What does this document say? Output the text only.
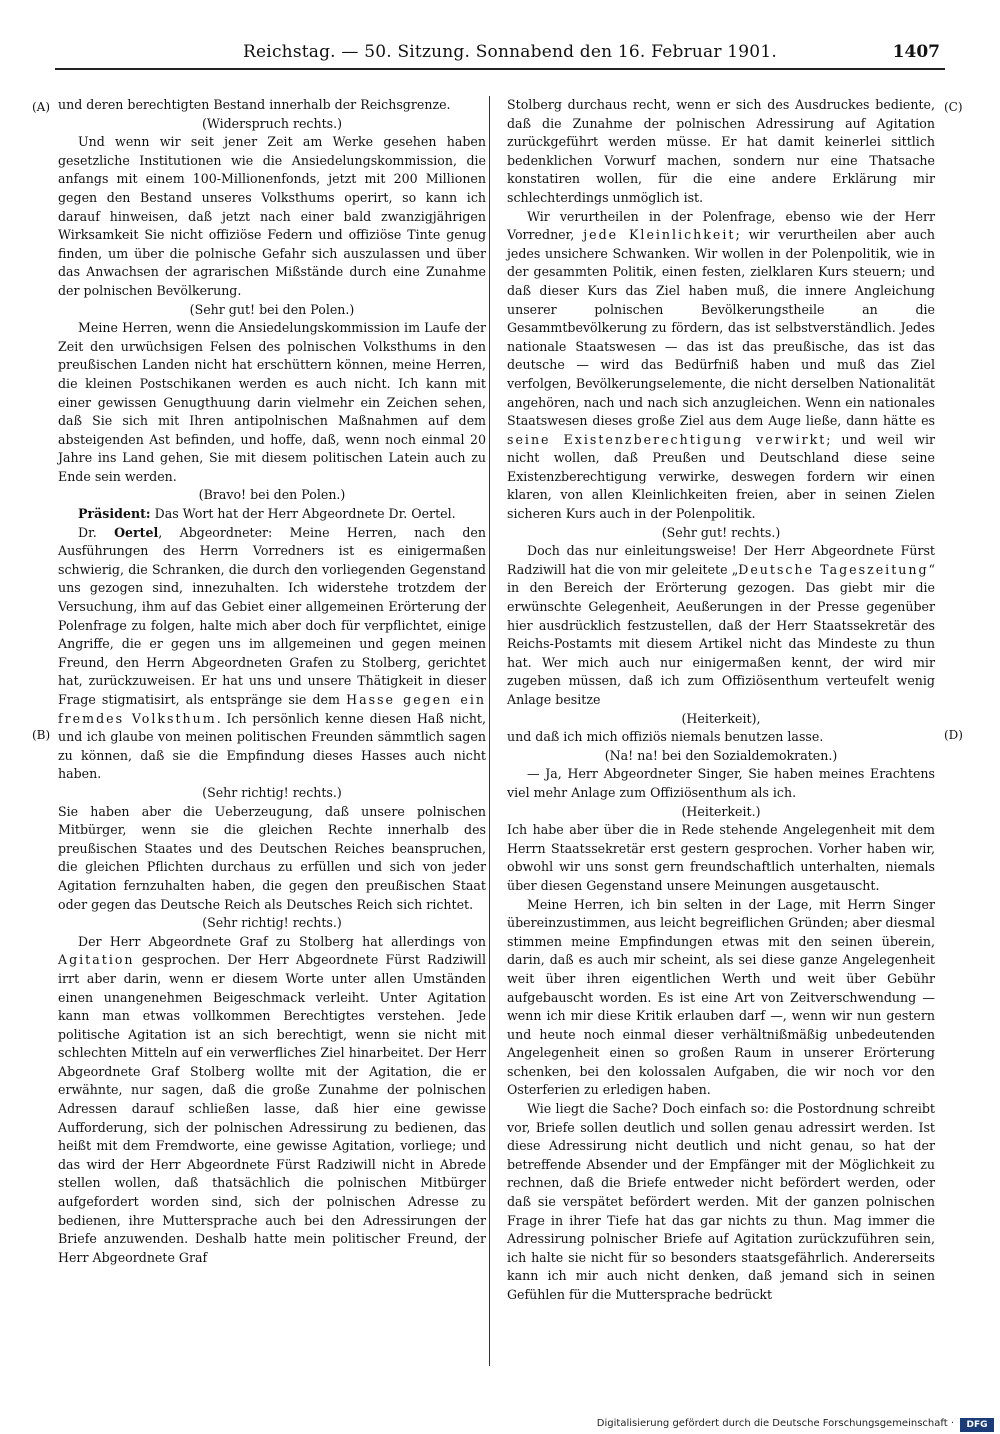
Reichstag. — 50. Sitzung. Sonnabend den 16. Februar 1901.	1407
(A)
(B)
(C)
(D)

und deren berechtigten Bestand innerhalb der Reichsgrenze.

(Widerspruch rechts.)

Und wenn wir seit jener Zeit am Werke gesehen haben gesetzliche Institutionen wie die Ansiedelungskommission, die anfangs mit einem 100-Millionenfonds, jetzt mit 200 Millionen gegen den Bestand unseres Volksthums operirt, so kann ich darauf hinweisen, daß jetzt nach einer bald zwanzigjährigen Wirksamkeit Sie nicht offiziöse Federn und offiziöse Tinte genug finden, um über die polnische Gefahr sich auszulassen und über das Anwachsen der agrarischen Mißstände durch eine Zunahme der polnischen Bevölkerung.

(Sehr gut! bei den Polen.)

Meine Herren, wenn die Ansiedelungskommission im Laufe der Zeit den urwüchsigen Felsen des polnischen Volksthums in den preußischen Landen nicht hat erschüttern können, meine Herren, die kleinen Postschikanen werden es auch nicht. Ich kann mit einer gewissen Genugthuung darin vielmehr ein Zeichen sehen, daß Sie sich mit Ihren antipolnischen Maßnahmen auf dem absteigenden Ast befinden, und hoffe, daß, wenn noch einmal 20 Jahre ins Land gehen, Sie mit diesem politischen Latein auch zu Ende sein werden.

(Bravo! bei den Polen.)

Präsident: Das Wort hat der Herr Abgeordnete Dr. Oertel.

Dr. Oertel, Abgeordneter: Meine Herren, nach den Ausführungen des Herrn Vorredners ist es einigermaßen schwierig, die Schranken, die durch den vorliegenden Gegenstand uns gezogen sind, innezuhalten. Ich widerstehe trotzdem der Versuchung, ihm auf das Gebiet einer allgemeinen Erörterung der Polenfrage zu folgen, halte mich aber doch für verpflichtet, einige Angriffe, die er gegen uns im allgemeinen und gegen meinen Freund, den Herrn Abgeordneten Grafen zu Stolberg, gerichtet hat, zurückzuweisen. Er hat uns und unsere Thätigkeit in dieser Frage stigmatisirt, als entspränge sie dem Hasse gegen ein fremdes Volksthum. Ich persönlich kenne diesen Haß nicht, und ich glaube von meinen politischen Freunden sämmtlich sagen zu können, daß sie die Empfindung dieses Hasses auch nicht haben.

(Sehr richtig! rechts.)

Sie haben aber die Ueberzeugung, daß unsere polnischen Mitbürger, wenn sie die gleichen Rechte innerhalb des preußischen Staates und des Deutschen Reiches beanspruchen, die gleichen Pflichten durchaus zu erfüllen und sich von jeder Agitation fernzuhalten haben, die gegen den preußischen Staat oder gegen das Deutsche Reich als Deutsches Reich sich richtet.

(Sehr richtig! rechts.)

Der Herr Abgeordnete Graf zu Stolberg hat allerdings von Agitation gesprochen. Der Herr Abgeordnete Fürst Radziwill irrt aber darin, wenn er diesem Worte unter allen Umständen einen unangenehmen Beigeschmack verleiht. Unter Agitation kann man etwas vollkommen Berechtigtes verstehen. Jede politische Agitation ist an sich berechtigt, wenn sie nicht mit schlechten Mitteln auf ein verwerfliches Ziel hinarbeitet. Der Herr Abgeordnete Graf Stolberg wollte mit der Agitation, die er erwähnte, nur sagen, daß die große Zunahme der polnischen Adressen darauf schließen lasse, daß hier eine gewisse Aufforderung, sich der polnischen Adressirung zu bedienen, das heißt mit dem Fremdworte, eine gewisse Agitation, vorliege; und das wird der Herr Abgeordnete Fürst Radziwill nicht in Abrede stellen wollen, daß thatsächlich die polnischen Mitbürger aufgefordert worden sind, sich der polnischen Adresse zu bedienen, ihre Muttersprache auch bei den Adressirungen der Briefe anzuwenden. Deshalb hatte mein politischer Freund, der Herr Abgeordnete Graf

Stolberg durchaus recht, wenn er sich des Ausdruckes bediente, daß die Zunahme der polnischen Adressirung auf Agitation zurückgeführt werden müsse. Er hat damit keinerlei sittlich bedenklichen Vorwurf machen, sondern nur eine Thatsache konstatiren wollen, für die eine andere Erklärung mir schlechterdings unmöglich ist.

Wir verurtheilen in der Polenfrage, ebenso wie der Herr Vorredner, jede Kleinlichkeit; wir verurtheilen aber auch jedes unsichere Schwanken. Wir wollen in der Polenpolitik, wie in der gesammten Politik, einen festen, zielklaren Kurs steuern; und daß dieser Kurs das Ziel haben muß, die innere Angleichung unserer polnischen Bevölkerungstheile an die Gesammtbevölkerung zu fördern, das ist selbstverständlich. Jedes nationale Staatswesen — das ist das preußische, das ist das deutsche — wird das Bedürfniß haben und muß das Ziel verfolgen, Bevölkerungselemente, die nicht derselben Nationalität angehören, nach und nach sich anzugleichen. Wenn ein nationales Staatswesen dieses große Ziel aus dem Auge ließe, dann hätte es seine Existenzberechtigung verwirkt; und weil wir nicht wollen, daß Preußen und Deutschland diese seine Existenzberechtigung verwirke, deswegen fordern wir einen klaren, von allen Kleinlichkeiten freien, aber in seinen Zielen sicheren Kurs auch in der Polenpolitik.

(Sehr gut! rechts.)

Doch das nur einleitungsweise! Der Herr Abgeordnete Fürst Radziwill hat die von mir geleitete „Deutsche Tageszeitung“ in den Bereich der Erörterung gezogen. Das giebt mir die erwünschte Gelegenheit, Aeußerungen in der Presse gegenüber hier ausdrücklich festzustellen, daß der Herr Staatssekretär des Reichs-Postamts mit diesem Artikel nicht das Mindeste zu thun hat. Wer mich auch nur einigermaßen kennt, der wird mir zugeben müssen, daß ich zum Offiziösenthum verteufelt wenig Anlage besitze

(Heiterkeit),

und daß ich mich offiziös niemals benutzen lasse.

(Na! na! bei den Sozialdemokraten.)

— Ja, Herr Abgeordneter Singer, Sie haben meines Erachtens viel mehr Anlage zum Offiziösenthum als ich.

(Heiterkeit.)

Ich habe aber über die in Rede stehende Angelegenheit mit dem Herrn Staatssekretär erst gestern gesprochen. Vorher haben wir, obwohl wir uns sonst gern freundschaftlich unterhalten, niemals über diesen Gegenstand unsere Meinungen ausgetauscht.

Meine Herren, ich bin selten in der Lage, mit Herrn Singer übereinzustimmen, aus leicht begreiflichen Gründen; aber diesmal stimmen meine Empfindungen etwas mit den seinen überein, darin, daß es auch mir scheint, als sei diese ganze Angelegenheit weit über ihren eigentlichen Werth und weit über Gebühr aufgebauscht worden. Es ist eine Art von Zeitverschwendung — wenn ich mir diese Kritik erlauben darf —, wenn wir nun gestern und heute noch einmal dieser verhältnißmäßig unbedeutenden Angelegenheit einen so großen Raum in unserer Erörterung schenken, bei den kolossalen Aufgaben, die wir noch vor den Osterferien zu erledigen haben.

Wie liegt die Sache? Doch einfach so: die Postordnung schreibt vor, Briefe sollen deutlich und sollen genau adressirt werden. Ist diese Adressirung nicht deutlich und nicht genau, so hat der betreffende Absender und der Empfänger mit der Möglichkeit zu rechnen, daß die Briefe entweder nicht befördert werden, oder daß sie verspätet befördert werden. Mit der ganzen polnischen Frage in ihrer Tiefe hat das gar nichts zu thun. Mag immer die Adressirung polnischer Briefe auf Agitation zurückzuführen sein, ich halte sie nicht für so besonders staatsgefährlich. Andererseits kann ich mir auch nicht denken, daß jemand sich in seinen Gefühlen für die Muttersprache bedrückt

Digitalisierung gefördert durch die Deutsche Forschungsgemeinschaft ·	DFG
